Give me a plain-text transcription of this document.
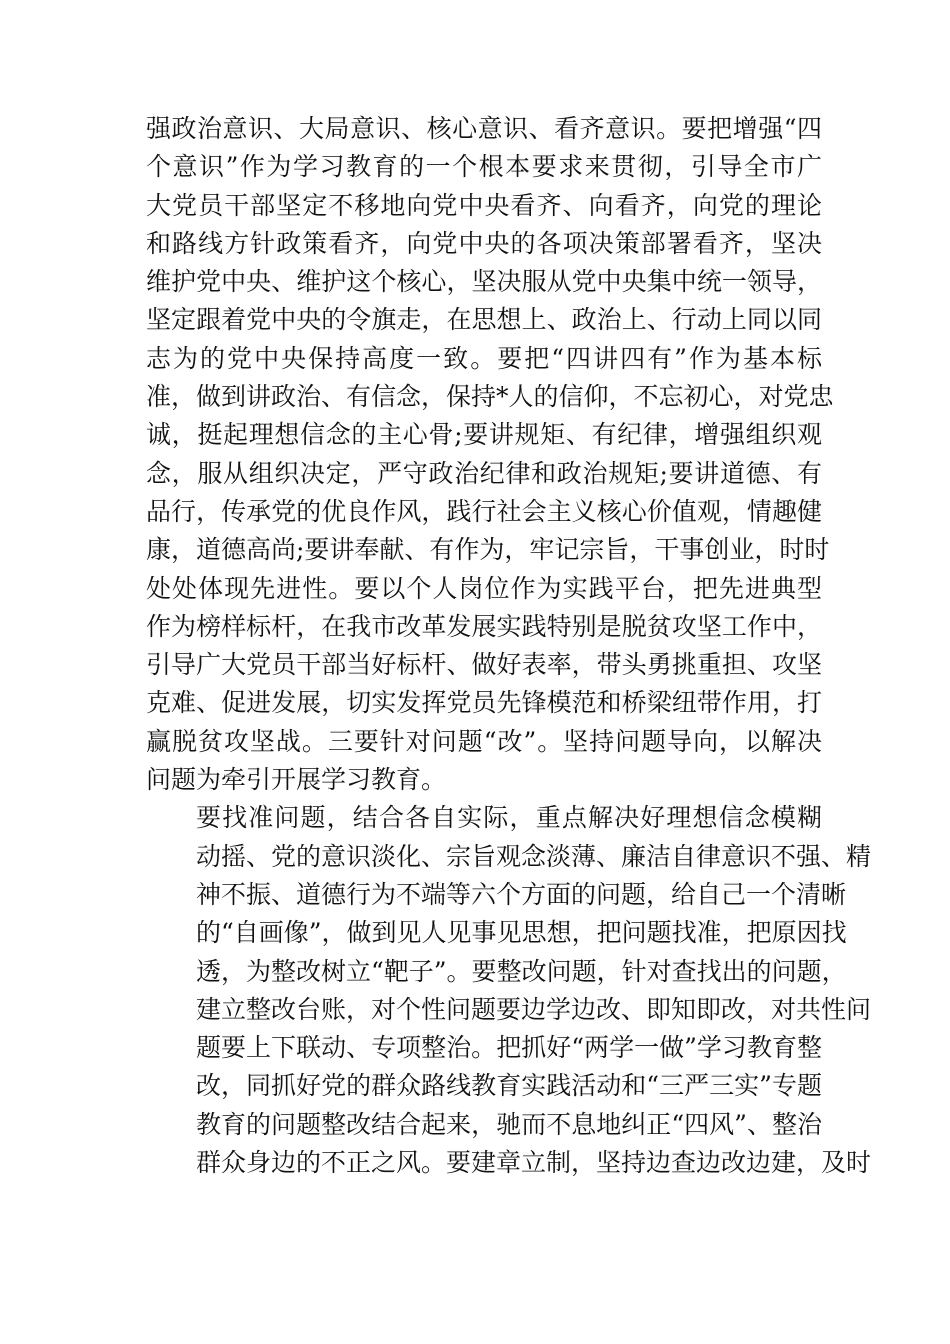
强政治意识、大局意识、核心意识、看齐意识。要把增强“四
个意识”作为学习教育的一个根本要求来贯彻，引导全市广
大党员干部坚定不移地向党中央看齐、向看齐，向党的理论
和路线方针政策看齐，向党中央的各项决策部署看齐，坚决
维护党中央、维护这个核心，坚决服从党中央集中统一领导，
坚定跟着党中央的令旗走，在思想上、政治上、行动上同以同
志为的党中央保持高度一致。要把“四讲四有”作为基本标
准，做到讲政治、有信念，保持*人的信仰，不忘初心，对党忠
诚，挺起理想信念的主心骨;要讲规矩、有纪律，增强组织观
念，服从组织决定，严守政治纪律和政治规矩;要讲道德、有
品行，传承党的优良作风，践行社会主义核心价值观，情趣健
康，道德高尚;要讲奉献、有作为，牢记宗旨，干事创业，时时
处处体现先进性。要以个人岗位作为实践平台，把先进典型
作为榜样标杆，在我市改革发展实践特别是脱贫攻坚工作中，
引导广大党员干部当好标杆、做好表率，带头勇挑重担、攻坚
克难、促进发展，切实发挥党员先锋模范和桥梁纽带作用，打
赢脱贫攻坚战。三要针对问题“改”。坚持问题导向，以解决
问题为牵引开展学习教育。
要找准问题，结合各自实际，重点解决好理想信念模糊
动摇、党的意识淡化、宗旨观念淡薄、廉洁自律意识不强、精
神不振、道德行为不端等六个方面的问题，给自己一个清晰
的“自画像”，做到见人见事见思想，把问题找准，把原因找
透，为整改树立“靶子”。要整改问题，针对查找出的问题，
建立整改台账，对个性问题要边学边改、即知即改，对共性问
题要上下联动、专项整治。把抓好“两学一做”学习教育整
改，同抓好党的群众路线教育实践活动和“三严三实”专题
教育的问题整改结合起来，驰而不息地纠正“四风”、整治
群众身边的不正之风。要建章立制，坚持边查边改边建，及时
